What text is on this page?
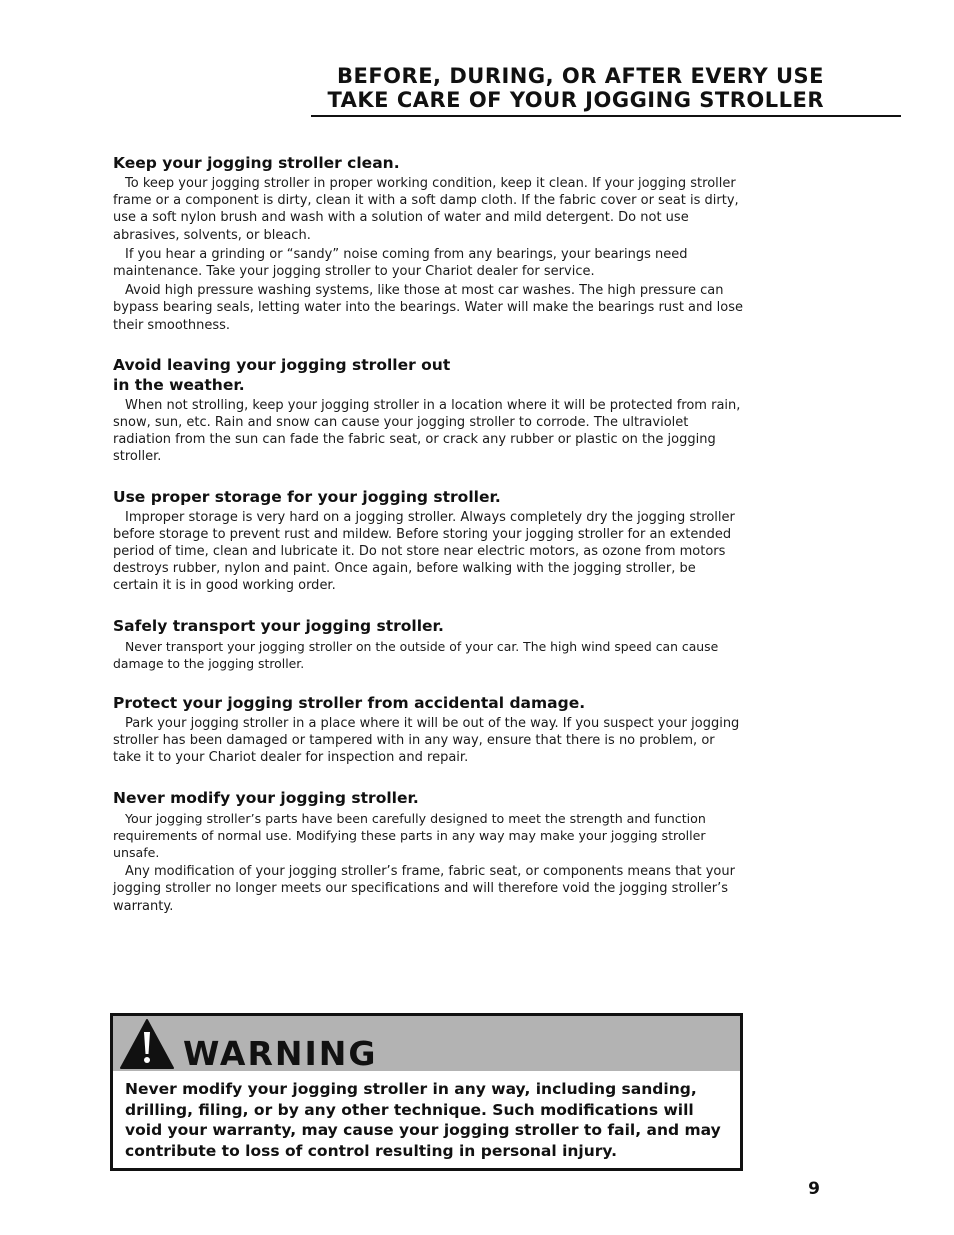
BEFORE, DURING, OR AFTER EVERY USE
TAKE CARE OF YOUR JOGGING STROLLER
Keep your jogging stroller clean.

To keep your jogging stroller in proper working condition, keep it clean. If your jogging stroller frame or a component is dirty, clean it with a soft damp cloth. If the fabric cover or seat is dirty, use a soft nylon brush and wash with a solution of water and mild detergent. Do not use abrasives, solvents, or bleach.

If you hear a grinding or “sandy” noise coming from any bearings, your bearings need maintenance. Take your jogging stroller to your Chariot dealer for service.

Avoid high pressure washing systems, like those at most car washes. The high pressure can bypass bearing seals, letting water into the bearings. Water will make the bearings rust and lose their smoothness.

Avoid leaving your jogging stroller out
in the weather.

When not strolling, keep your jogging stroller in a location where it will be protected from rain, snow, sun, etc. Rain and snow can cause your jogging stroller to corrode. The ultraviolet radiation from the sun can fade the fabric seat, or crack any rubber or plastic on the jogging stroller.

Use proper storage for your jogging stroller.

Improper storage is very hard on a jogging stroller. Always completely dry the jogging stroller before storage to prevent rust and mildew. Before storing your jogging stroller for an extended period of time, clean and lubricate it. Do not store near electric motors, as ozone from motors destroys rubber, nylon and paint. Once again, before walking with the jogging stroller, be certain it is in good working order.

Safely transport your jogging stroller.

Never transport your jogging stroller on the outside of your car. The high wind speed can cause damage to the jogging stroller.

Protect your jogging stroller from accidental damage.

Park your jogging stroller in a place where it will be out of the way. If you suspect your jogging stroller has been damaged or tampered with in any way, ensure that there is no problem, or take it to your Chariot dealer for inspection and repair.

Never modify your jogging stroller.

Your jogging stroller’s parts have been carefully designed to meet the strength and function requirements of normal use. Modifying these parts in any way may make your jogging stroller unsafe.

Any modification of your jogging stroller’s frame, fabric seat, or components means that your jogging stroller no longer meets our specifications and will therefore void the jogging stroller’s warranty.

WARNING
Never modify your jogging stroller in any way, including sanding, drilling, filing, or by any other technique. Such modifications will void your warranty, may cause your jogging stroller to fail, and may contribute to loss of control resulting in personal injury.
9
